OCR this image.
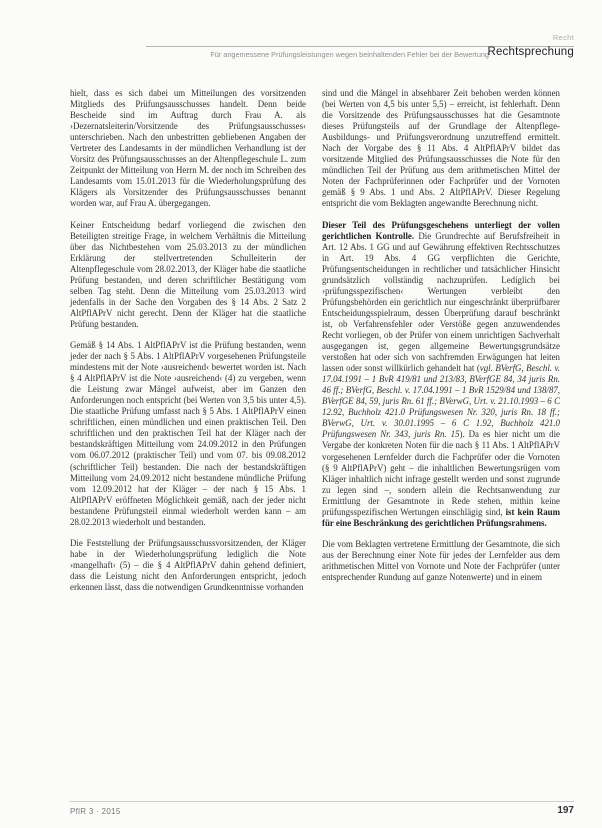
Recht
Für angemessene Prüfungsleistungen wegen beinhaltenden Fehler bei der Bewertung
Rechtsprechung

hielt, dass es sich dabei um Mitteilungen des vorsitzenden Mitglieds des Prüfungsausschusses handelt. Denn beide Bescheide sind im Auftrag durch Frau A. als ›Dezernatsleiterin/Vorsitzende des Prüfungsausschusses‹ unterschrieben. Nach den unbestritten gebliebenen Angaben der Vertreter des Landesamts in der mündlichen Verhandlung ist der Vorsitz des Prüfungsausschusses an der Altenpflegeschule L. zum Zeitpunkt der Mitteilung von Herrn M. der noch im Schreiben des Landesamts vom 15.01.2013 für die Wiederholungsprüfung des Klägers als Vorsitzender des Prüfungsausschusses benannt worden war, auf Frau A. übergegangen.

Keiner Entscheidung bedarf vorliegend die zwischen den Beteiligten streitige Frage, in welchem Verhältnis die Mitteilung über das Nichtbestehen vom 25.03.2013 zu der mündlichen Erklärung der stellvertretenden Schulleiterin der Altenpflegeschule vom 28.02.2013, der Kläger habe die staatliche Prüfung bestanden, und deren schriftlicher Bestätigung vom selben Tag steht. Denn die Mitteilung vom 25.03.2013 wird jedenfalls in der Sache den Vorgaben des § 14 Abs. 2 Satz 2 AltPflAPrV nicht gerecht. Denn der Kläger hat die staatliche Prüfung bestanden.

Gemäß § 14 Abs. 1 AltPflAPrV ist die Prüfung bestanden, wenn jeder der nach § 5 Abs. 1 AltPflAPrV vorgesehenen Prüfungsteile mindestens mit der Note ›ausreichend‹ bewertet worden ist. Nach § 4 AltPflAPrV ist die Note ›ausreichend‹ (4) zu vergeben, wenn die Leistung zwar Mängel aufweist, aber im Ganzen den Anforderungen noch entspricht (bei Werten von 3,5 bis unter 4,5). Die staatliche Prüfung umfasst nach § 5 Abs. 1 AltPflAPrV einen schriftlichen, einen mündlichen und einen praktischen Teil. Den schriftlichen und den praktischen Teil hat der Kläger nach der bestandskräftigen Mitteilung vom 24.09.2012 in den Prüfungen vom 06.07.2012 (praktischer Teil) und vom 07. bis 09.08.2012 (schriftlicher Teil) bestanden. Die nach der bestandskräftigen Mitteilung vom 24.09.2012 nicht bestandene mündliche Prüfung vom 12.09.2012 hat der Kläger – der nach § 15 Abs. 1 AltPflAPrV eröffneten Möglichkeit gemäß, nach der jeder nicht bestandene Prüfungsteil einmal wiederholt werden kann – am 28.02.2013 wiederholt und bestanden.

Die Feststellung der Prüfungsausschussvorsitzenden, der Kläger habe in der Wiederholungsprüfung lediglich die Note ›mangelhaft‹ (5) – die § 4 AltPflAPrV dahin gehend definiert, dass die Leistung nicht den Anforderungen entspricht, jedoch erkennen lässt, dass die notwendigen Grundkenntnisse vorhanden

sind und die Mängel in absehbarer Zeit behoben werden können (bei Werten von 4,5 bis unter 5,5) – erreicht, ist fehlerhaft. Denn die Vorsitzende des Prüfungsausschusses hat die Gesamtnote dieses Prüfungsteils auf der Grundlage der Altenpflege-Ausbildungs- und Prüfungsverordnung unzutreffend ermittelt. Nach der Vorgabe des § 11 Abs. 4 AltPflAPrV bildet das vorsitzende Mitglied des Prüfungsausschusses die Note für den mündlichen Teil der Prüfung aus dem arithmetischen Mittel der Noten der Fachprüferinnen oder Fachprüfer und der Vornoten gemäß § 9 Abs. 1 und Abs. 2 AltPflAPrV. Dieser Regelung entspricht die vom Beklagten angewandte Berechnung nicht.

Dieser Teil des Prüfungsgeschehens unterliegt der vollen gerichtlichen Kontrolle. Die Grundrechte auf Berufsfreiheit in Art. 12 Abs. 1 GG und auf Gewährung effektiven Rechtsschutzes in Art. 19 Abs. 4 GG verpflichten die Gerichte, Prüfungsentscheidungen in rechtlicher und tatsächlicher Hinsicht grundsätzlich vollständig nachzuprüfen. Lediglich bei ›prüfungsspezifischen‹ Wertungen verbleibt den Prüfungsbehörden ein gerichtlich nur eingeschränkt überprüfbarer Entscheidungsspielraum, dessen Überprüfung darauf beschränkt ist, ob Verfahrensfehler oder Verstöße gegen anzuwendendes Recht vorliegen, ob der Prüfer von einem unrichtigen Sachverhalt ausgegangen ist, gegen allgemeine Bewertungsgrundsätze verstoßen hat oder sich von sachfremden Erwägungen hat leiten lassen oder sonst willkürlich gehandelt hat (vgl. BVerfG, Beschl. v. 17.04.1991 – 1 BvR 419/81 und 213/83, BVerfGE 84, 34 juris Rn. 46 ff.; BVerfG, Beschl. v. 17.04.1991 – 1 BvR 1529/84 und 138/87, BVerfGE 84, 59, juris Rn. 61 ff.; BVerwG, Urt. v. 21.10.1993 – 6 C 12.92, Buchholz 421.0 Prüfungswesen Nr. 320, juris Rn. 18 ff.; BVerwG, Urt. v. 30.01.1995 – 6 C 1.92, Buchholz 421.0 Prüfungswesen Nr. 343, juris Rn. 15). Da es hier nicht um die Vergabe der konkreten Noten für die nach § 11 Abs. 1 AltPflAPrV vorgesehenen Lernfelder durch die Fachprüfer oder die Vornoten (§ 9 AltPflAPrV) geht – die inhaltlichen Bewertungsrügen vom Kläger inhaltlich nicht infrage gestellt werden und sonst zugrunde zu legen sind –, sondern allein die Rechtsanwendung zur Ermittlung der Gesamtnote in Rede stehen, mithin keine prüfungsspezifischen Wertungen einschlägig sind, ist kein Raum für eine Beschränkung des gerichtlichen Prüfungsrahmens.

Die vom Beklagten vertretene Ermittlung der Gesamtnote, die sich aus der Berechnung einer Note für jedes der Lernfelder aus dem arithmetischen Mittel von Vornote und Note der Fachprüfer (unter entsprechender Rundung auf ganze Notenwerte) und in einem

PflR 3 · 2015	197
